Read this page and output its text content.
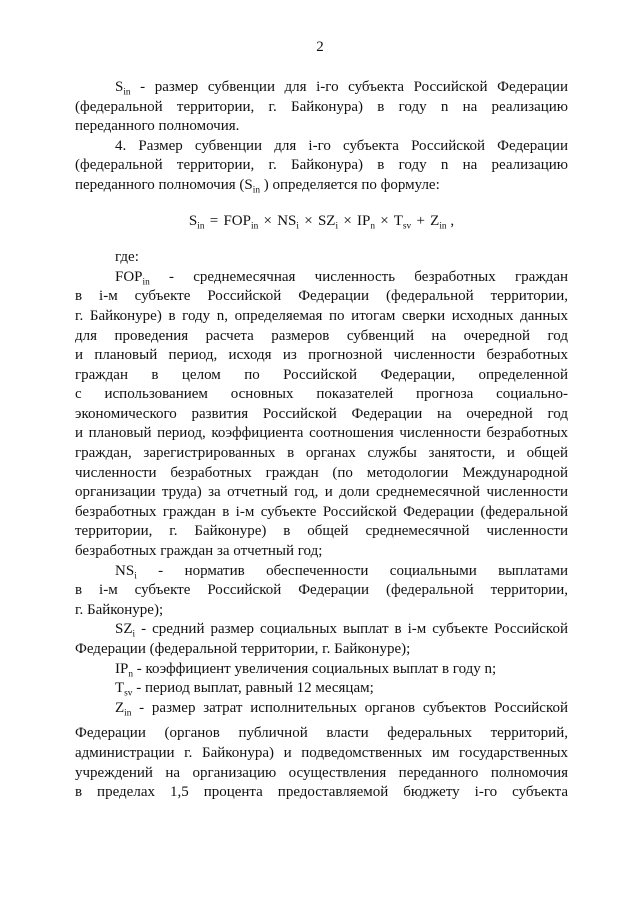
2
$S_{in}$ - размер субвенции для i-го субъекта Российской Федерации
(федеральной территории, г. Байконура) в году n на реализацию
переданного полномочия.
4. Размер субвенции для i-го субъекта Российской Федерации
(федеральной территории, г. Байконура) в году n на реализацию
переданного полномочия ($S_{in}$ ) определяется по формуле:
$S_{in} = FOP_{in} \times NS_i \times SZ_i \times IP_n \times T_{sv} + Z_{in}$ ,
где:
$FOP_{in}$ - среднемесячная численность безработных граждан
в i-м субъекте Российской Федерации (федеральной территории,
г. Байконуре) в году n, определяемая по итогам сверки исходных данных
для проведения расчета размеров субвенций на очередной год
и плановый период, исходя из прогнозной численности безработных
граждан в целом по Российской Федерации, определенной
с использованием основных показателей прогноза социально-
экономического развития Российской Федерации на очередной год
и плановый период, коэффициента соотношения численности безработных
граждан, зарегистрированных в органах службы занятости, и общей
численности безработных граждан (по методологии Международной
организации труда) за отчетный год, и доли среднемесячной численности
безработных граждан в i-м субъекте Российской Федерации (федеральной
территории, г. Байконуре) в общей среднемесячной численности
безработных граждан за отчетный год;
$NS_i$ - норматив обеспеченности социальными выплатами
в i-м субъекте Российской Федерации (федеральной территории,
г. Байконуре);
$SZ_i$ - средний размер социальных выплат в i-м субъекте Российской
Федерации (федеральной территории, г. Байконуре);
$IP_n$ - коэффициент увеличения социальных выплат в году n;
$T_{sv}$ - период выплат, равный 12 месяцам;
$Z_{in}$ - размер затрат исполнительных органов субъектов Российской
Федерации (органов публичной власти федеральных территорий,
администрации г. Байконура) и подведомственных им государственных
учреждений на организацию осуществления переданного полномочия
в пределах 1,5 процента предоставляемой бюджету i-го субъекта
